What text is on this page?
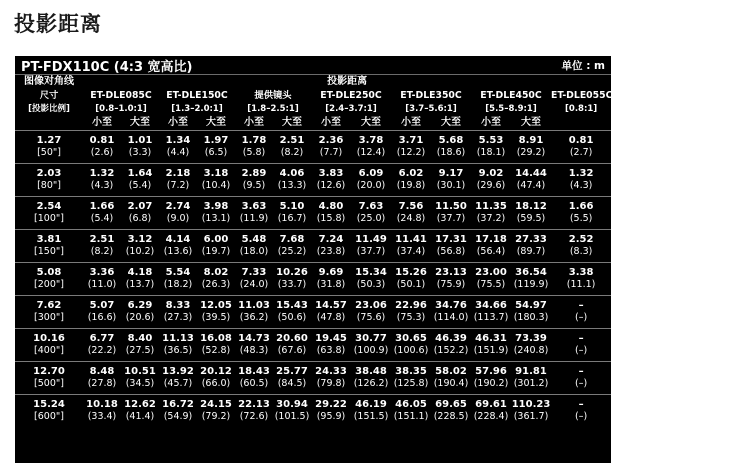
投影距离
PT-FDX110C (4:3 宽高比)	单位 : m
图像对角线	投影距离												
尺寸	ET-DLE085C		ET-DLE150C		提供镜头		ET-DLE250C		ET-DLE350C		ET-DLE450C		ET-DLE055C
[投影比例]	[0.8–1.0:1]		[1.3–2.0:1]		[1.8–2.5:1]		[2.4–3.7:1]		[3.7–5.6:1]		[5.5–8.9:1]		[0.8:1]
	小至	大至	小至	大至	小至	大至	小至	大至	小至	大至	小至	大至	
1.27	0.81	1.01	1.34	1.97	1.78	2.51	2.36	3.78	3.71	5.68	5.53	8.91	0.81
[50"]	(2.6)	(3.3)	(4.4)	(6.5)	(5.8)	(8.2)	(7.7)	(12.4)	(12.2)	(18.6)	(18.1)	(29.2)	(2.7)
2.03	1.32	1.64	2.18	3.18	2.89	4.06	3.83	6.09	6.02	9.17	9.02	14.44	1.32
[80"]	(4.3)	(5.4)	(7.2)	(10.4)	(9.5)	(13.3)	(12.6)	(20.0)	(19.8)	(30.1)	(29.6)	(47.4)	(4.3)
2.54	1.66	2.07	2.74	3.98	3.63	5.10	4.80	7.63	7.56	11.50	11.35	18.12	1.66
[100"]	(5.4)	(6.8)	(9.0)	(13.1)	(11.9)	(16.7)	(15.8)	(25.0)	(24.8)	(37.7)	(37.2)	(59.5)	(5.5)
3.81	2.51	3.12	4.14	6.00	5.48	7.68	7.24	11.49	11.41	17.31	17.18	27.33	2.52
[150"]	(8.2)	(10.2)	(13.6)	(19.7)	(18.0)	(25.2)	(23.8)	(37.7)	(37.4)	(56.8)	(56.4)	(89.7)	(8.3)
5.08	3.36	4.18	5.54	8.02	7.33	10.26	9.69	15.34	15.26	23.13	23.00	36.54	3.38
[200"]	(11.0)	(13.7)	(18.2)	(26.3)	(24.0)	(33.7)	(31.8)	(50.3)	(50.1)	(75.9)	(75.5)	(119.9)	(11.1)
7.62	5.07	6.29	8.33	12.05	11.03	15.43	14.57	23.06	22.96	34.76	34.66	54.97	–
[300"]	(16.6)	(20.6)	(27.3)	(39.5)	(36.2)	(50.6)	(47.8)	(75.6)	(75.3)	(114.0)	(113.7)	(180.3)	(–)
10.16	6.77	8.40	11.13	16.08	14.73	20.60	19.45	30.77	30.65	46.39	46.31	73.39	–
[400"]	(22.2)	(27.5)	(36.5)	(52.8)	(48.3)	(67.6)	(63.8)	(100.9)	(100.6)	(152.2)	(151.9)	(240.8)	(–)
12.70	8.48	10.51	13.92	20.12	18.43	25.77	24.33	38.48	38.35	58.02	57.96	91.81	–
[500"]	(27.8)	(34.5)	(45.7)	(66.0)	(60.5)	(84.5)	(79.8)	(126.2)	(125.8)	(190.4)	(190.2)	(301.2)	(–)
15.24	10.18	12.62	16.72	24.15	22.13	30.94	29.22	46.19	46.05	69.65	69.61	110.23	–
[600"]	(33.4)	(41.4)	(54.9)	(79.2)	(72.6)	(101.5)	(95.9)	(151.5)	(151.1)	(228.5)	(228.4)	(361.7)	(–)
